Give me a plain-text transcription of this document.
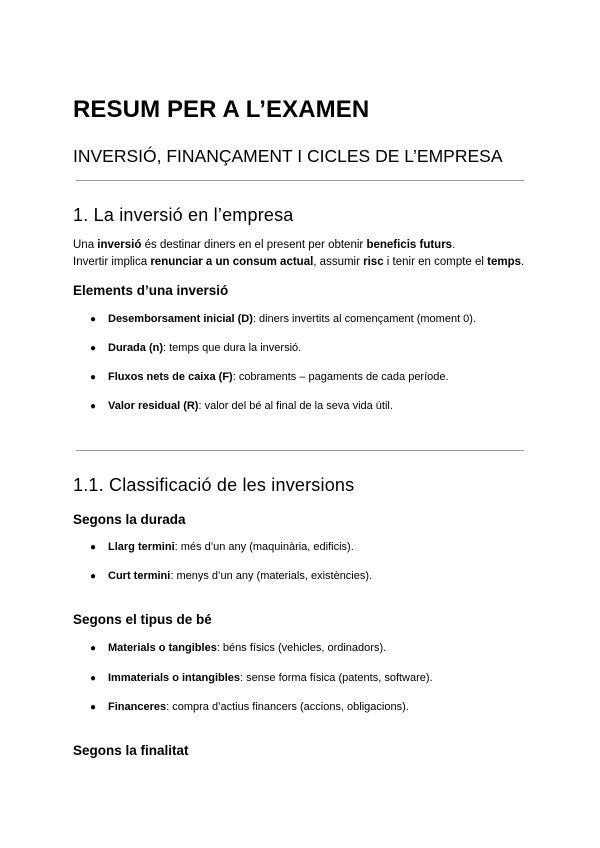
RESUM PER A L’EXAMEN
INVERSIÓ, FINANÇAMENT I CICLES DE L’EMPRESA
1. La inversió en l’empresa
Una inversió és destinar diners en el present per obtenir beneficis futurs.
Invertir implica renunciar a un consum actual, assumir risc i tenir en compte el temps.
Elements d’una inversió
● Desemborsament inicial (D): diners invertits al començament (moment 0).
● Durada (n): temps que dura la inversió.
● Fluxos nets de caixa (F): cobraments – pagaments de cada període.
● Valor residual (R): valor del bé al final de la seva vida útil.
1.1. Classificació de les inversions
Segons la durada
● Llarg termini: més d’un any (maquinària, edificis).
● Curt termini: menys d’un any (materials, existències).
Segons el tipus de bé
● Materials o tangibles: béns físics (vehicles, ordinadors).
● Immaterials o intangibles: sense forma física (patents, software).
● Financeres: compra d’actius financers (accions, obligacions).
Segons la finalitat
